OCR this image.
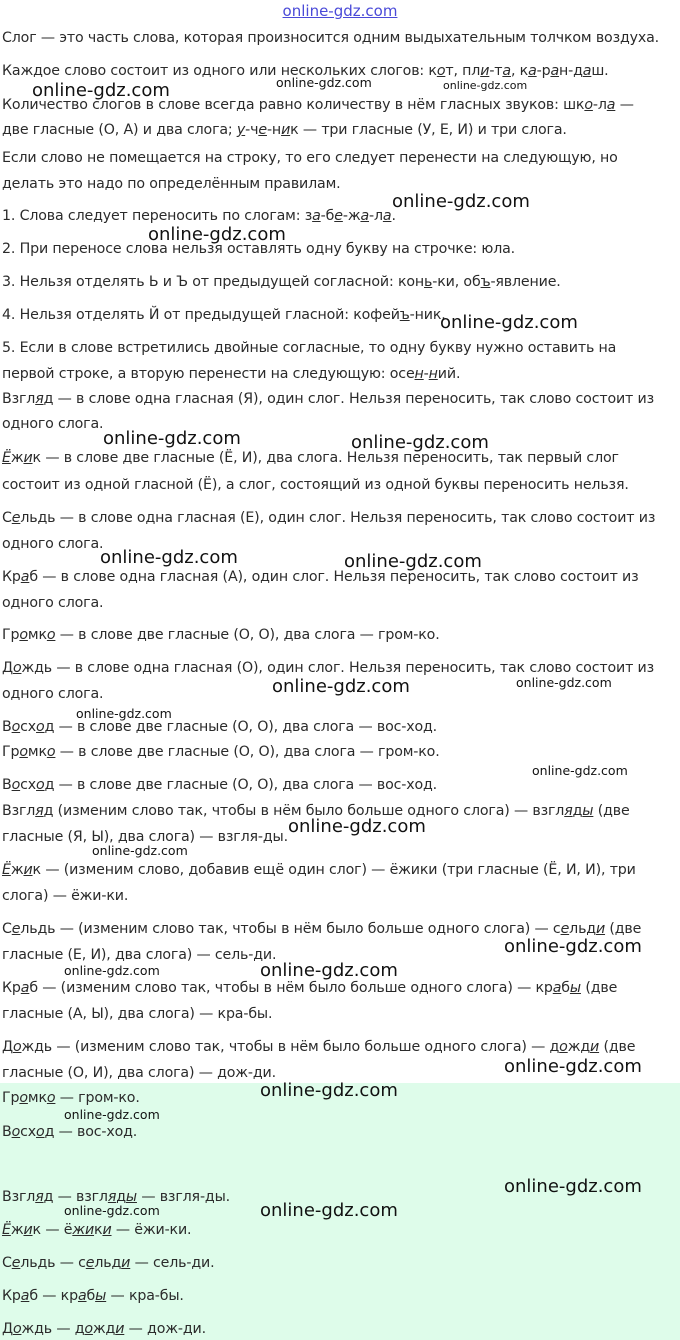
online-gdz.com
Слог — это часть слова, которая произносится одним выдыхательным толчком воздуха.
Каждое слово состоит из одного или нескольких слогов: кот, пли-та, ка-ран-даш.
Количество слогов в слове всегда равно количеству в нём гласных звуков: шко-ла —
две гласные (О, А) и два слога; у-че-ник — три гласные (У, Е, И) и три слога.
Если слово не помещается на строку, то его следует перенести на следующую, но
делать это надо по определённым правилам.
1. Слова следует переносить по слогам: за-бе-жа-ла.
2. При переносе слова нельзя оставлять одну букву на строчке: юла.
3. Нельзя отделять Ь и Ъ от предыдущей согласной: конь-ки, объ-явление.
4. Нельзя отделять Й от предыдущей гласной: кофейъ-ник.
5. Если в слове встретились двойные согласные, то одну букву нужно оставить на
первой строке, а вторую перенести на следующую: осен-ний.
Взгляд — в слове одна гласная (Я), один слог. Нельзя переносить, так слово состоит из
одного слога.
Ёжик — в слове две гласные (Ё, И), два слога. Нельзя переносить, так первый слог
состоит из одной гласной (Ё), а слог, состоящий из одной буквы переносить нельзя.
Сельдь — в слове одна гласная (Е), один слог. Нельзя переносить, так слово состоит из
одного слога.
Краб — в слове одна гласная (А), один слог. Нельзя переносить, так слово состоит из
одного слога.
Громко — в слове две гласные (О, О), два слога — гром-ко.
Дождь — в слове одна гласная (О), один слог. Нельзя переносить, так слово состоит из
одного слога.
Восход — в слове две гласные (О, О), два слога — вос-ход.
Громко — в слове две гласные (О, О), два слога — гром-ко.
Восход — в слове две гласные (О, О), два слога — вос-ход.
Взгляд (изменим слово так, чтобы в нём было больше одного слога) — взгляды (две
гласные (Я, Ы), два слога) — взгля-ды.
Ёжик — (изменим слово, добавив ещё один слог) — ёжики (три гласные (Ё, И, И), три
слога) — ёжи-ки.
Сельдь — (изменим слово так, чтобы в нём было больше одного слога) — сельди (две
гласные (Е, И), два слога) — сель-ди.
Краб — (изменим слово так, чтобы в нём было больше одного слога) — крабы (две
гласные (А, Ы), два слога) — кра-бы.
Дождь — (изменим слово так, чтобы в нём было больше одного слога) — дожди (две
гласные (О, И), два слога) — дож-ди.
Громко — гром-ко.
Восход — вос-ход.
Взгляд — взгляды — взгля-ды.
Ёжик — ёжики — ёжи-ки.
Сельдь — сельди — сель-ди.
Краб — крабы — кра-бы.
Дождь — дожди — дож-ди.
online-gdz.com	online-gdz.com	online-gdz.com
online-gdz.com
online-gdz.com
online-gdz.com
online-gdz.com	online-gdz.com
online-gdz.com	online-gdz.com
online-gdz.com	online-gdz.com
online-gdz.com
online-gdz.com
online-gdz.com
online-gdz.com
online-gdz.com
online-gdz.com
online-gdz.com
online-gdz.com
online-gdz.com
online-gdz.com
online-gdz.com
online-gdz.com
online-gdz.com
